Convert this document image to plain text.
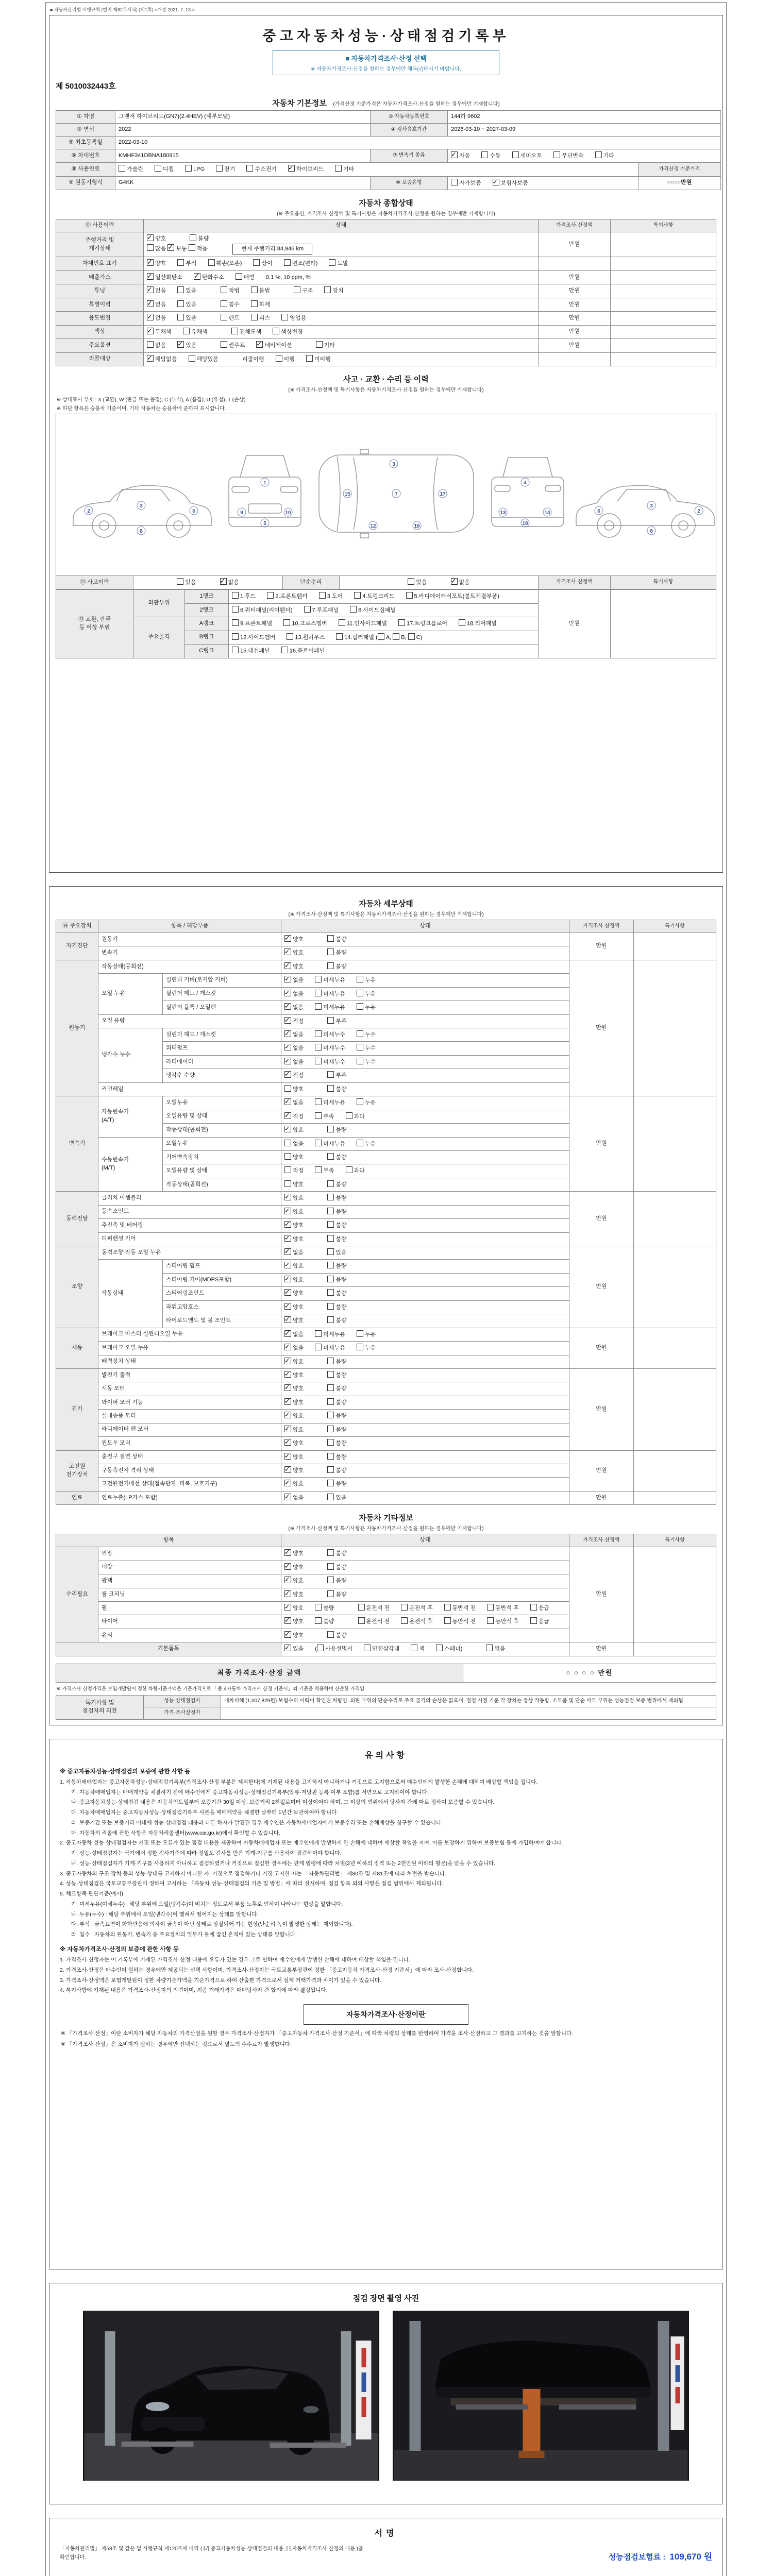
■ 자동차관리법 시행규칙 [별지 제82호서식] (제1쪽) <개정 2021. 7. 13.>
중고자동차성능·상태점검기록부
■ 자동차가격조사·산정 선택
※ 자동차가격조사·산정을 원하는 경우에만 체크(√)하시기 바랍니다.
제 5010032443호
자동차 기본정보 (가격산정 기준가격은 자동차가격조사·산정을 원하는 경우에만 기재합니다)
① 차명	그랜저 하이브리드(GN7)(2.4HEV) (세부모델)	② 자동차등록번호	144하 9602	
③ 연식	2022	④ 검사유효기간	2026-03-10 ~ 2027-03-09	
⑤ 최초등록일	2022-03-10			
⑥ 차대번호	KMHF341DBNA180915	⑦ 변속기 종류	✓자동 수동 세미오토 무단변속 기타
⑧ 사용연료	가솔린 디젤 LPG 전기 수소전기 ✓ 하이브리드 기타			가격산정 기준가격
⑨ 원동기형식	G4KK	⑩ 보증유형	자가보증 ✓ 보험사보증	○○○○만원
자동차 종합상태
(※ 주요옵션, 가격조사·산정액 및 특기사항은 자동차가격조사·산정을 원하는 경우에만 기재합니다)
⑪ 사용이력	상태	가격조사·산정액	특기사항
주행거리 및
계기상태	✓양호 불량
많음 ✓보통 적음 현재 주행거리 84,946 km	만원	
차대번호 표기	✓양호 부식 훼손(오손) 상이 변조(변타) 도말		
배출가스	✓일산화탄소 ✓ 탄화수소 매연 0.1 %, 10 ppm, %	만원	
튜닝	✓없음 있음 적법 불법 구조 장치	만원	
특별이력	✓없음 있음 침수 화재	만원	
용도변경	✓없음 있음 렌트 리스 영업용	만원	
색상	✓무채색 유채색 전체도색 색상변경	만원	
주요옵션	없음 ✓ 있음 썬루프 ✓ 네비게이션 기타	만원	
리콜대상	✓해당없음 해당있음 리콜이행 이행 미이행		
사고 · 교환 · 수리 등 이력
(※ 가격조사·산정액 및 특기사항은 자동차가격조사·산정을 원하는 경우에만 기재합니다)
※ 상태표시 부호 : X (교환), W (판금 또는 용접), C (부식), A (흠집), U (요철), T (손상)
※ 하단 항목은 승용차 기준이며, 기타 자동차는 승용차에 준하여 표시합니다.
2
3
6
8
1
5
9	10
15	7	17
3
12	16
4
18
13	14	6
3
2
8
⑫ 사고이력	있음 ✓	없음	단순수리	있음 ✓	없음	가격조사·산정액	특기사항
⑬ 교환, 판금
등 이상 부위	외판부위	1랭크	1.후드 2.프론트휀더 3.도어 4.트렁크리드 5.라디에이터서포트(볼트체결부품)	만원	
		2랭크	6.쿼터패널(리어휀더) 7.루프패널 8.사이드실패널		
	주요골격	A랭크	9.프론트패널 10.크로스멤버 11.인사이드패널 17.트렁크플로어 18.리어패널		
		B랭크	12.사이드멤버 13.휠하우스 14.필러패널 ( A, B, C)		
		C랭크	15.대쉬패널 16.플로어패널		
자동차 세부상태
(※ 가격조사·산정액 및 특기사항은 자동차가격조사·산정을 원하는 경우에만 기재합니다)
⑭ 주요장치	항목 / 해당부품		상태	가격조사·산정액	특기사항
자기진단	원동기	✓양호 불량	만원	
	변속기	✓양호 불량
원동기	작동상태(공회전)	✓양호 불량	만원	
	오일 누유	실린더 커버(로커암 커버)	✓없음 미세누유 누유
		실린더 헤드 / 개스킷	✓없음 미세누유 누유
		실린더 블록 / 오일팬	✓없음 미세누유 누유
	오일 유량	✓적정 부족
	냉각수 누수	실린더 헤드 / 개스킷	✓없음 미세누수 누수
		워터펌프	✓없음 미세누수 누수
		라디에이터	✓없음 미세누수 누수
		냉각수 수량	✓적정 부족
	커먼레일		양호 불량		
변속기	자동변속기
(A/T)	오일누유	✓없음 미세누유 누유	만원	
		오일유량 및 상태	✓적정 부족 과다
		작동상태(공회전)	✓양호 불량
	수동변속기
(M/T)	오일누유	없음 미세누유 누유		
		기어변속장치	양호 불량		
		오일유량 및 상태	적정 부족 과다		
		작동상태(공회전)	양호 불량		
동력전달	클러치 어셈블리	✓양호 불량	만원	
	등속조인트	✓양호 불량
	추진축 및 베어링	✓양호 불량
	디퍼렌셜 기어	✓양호 불량
조향	동력조향 작동 오일 누유	✓없음 있음	만원	
	작동상태	스티어링 펌프	✓양호 불량
		스티어링 기어(MDPS포함)	✓양호 불량
		스티어링조인트	✓양호 불량
		파워고압호스	✓양호 불량
		타이로드엔드 및 볼 조인트	✓양호 불량
제동	브레이크 마스터 실린더오일 누유	✓없음 미세누유 누유	만원	
	브레이크 오일 누유	✓없음 미세누유 누유
	배력장치 상태	✓양호 불량
전기	발전기 출력	✓양호 불량	만원	
	시동 모터	✓양호 불량
	와이퍼 모터 기능	✓양호 불량
	실내송풍 모터	✓양호 불량
	라디에이터 팬 모터	✓양호 불량
	윈도우 모터	✓양호 불량
고전원
전기장치	충전구 절연 상태	✓양호 불량	만원	
	구동축전지 격리 상태	✓양호 불량
	고전원전기배선 상태(접속단자, 피복, 보호기구)	✓양호 불량
연료	연료누출(LP가스 포함)	✓없음 있음	만원	
자동차 기타정보
(※ 가격조사·산정액 및 특기사항은 자동차가격조사·산정을 원하는 경우에만 기재합니다)
항목		상태	가격조사·산정액	특기사항
수리필요	외장	✓양호 불량	만원	
	내장	✓양호 불량
	광택	✓양호 불량
	룸 크리닝	✓양호 불량
	휠	✓양호 불량 운전석 전 운전석 후 동반석 전 동반석 후 응급
	타이어	✓양호 불량 운전석 전 운전석 후 동반석 전 동반석 후 응급
	유리	✓양호 불량
기본품목	✓있음 ( 사용설명서 안전삼각대 잭 스패너) 없음	만원	
최종 가격조사·산정 금액	○ ○ ○ ○ 만원
※ 가격조사·산정가격은 보험개발원이 정한 차량기준가액을 기준가격으로 「중고자동차 가격조사·산정 기준서」의 기준을 적용하여 산출한 가격임
특기사항 및
점검자의 의견	성능·상태점검자	내차피해 (1,007,829원) 보험수리 이력이 확인된 차량임. 외판 부위의 단순수리로 주요 골격의 손상은 없으며, 점검 시점 기준 각 장치는 정상 작동함. 소모품 및 단순 마모 부위는 성능점검 보증 범위에서 제외됨.
	가격·조사산정자	
유의사항
※ 중고자동차성능·상태점검의 보증에 관한 사항 등
1. 자동차매매업자는 중고자동차성능·상태점검기록부(가격조사·산정 부분은 제외한다)에 기재된 내용을 고지하지 아니하거나 거짓으로 고지함으로써 매수인에게 발생한 손해에 대하여 배상할 책임을 집니다.
가. 자동차매매업자는 매매계약을 체결하기 전에 매수인에게 중고자동차성능·상태점검기록부(압류·저당권 등록 여부 포함)를 서면으로 고지하여야 합니다.
나. 중고자동차성능·상태점검 내용은 자동차인도일부터 보증기간 30일 이상, 보증거리 2천킬로미터 이상이어야 하며, 그 이상의 범위에서 당사자 간에 따로 정하여 보증할 수 있습니다.
다. 자동차매매업자는 중고자동차성능·상태점검기록부 사본을 매매계약을 체결한 날부터 1년간 보관하여야 합니다.
라. 보증기간 또는 보증거리 이내에 성능·상태점검 내용과 다른 하자가 발견된 경우 매수인은 자동차매매업자에게 보증수리 또는 손해배상을 청구할 수 있습니다.
마. 자동차의 리콜에 관한 사항은 자동차리콜센터(www.car.go.kr)에서 확인할 수 있습니다.
2. 중고자동차 성능·상태점검자는 거짓 또는 오류가 있는 점검 내용을 제공하여 자동차매매업자 또는 매수인에게 발생하게 한 손해에 대하여 배상할 책임을 지며, 이를 보장하기 위하여 보증보험 등에 가입하여야 합니다.
가. 성능·상태점검자는 국가에서 정한 검사기준에 따라 정밀도 검사를 받은 기계·기구를 사용하여 점검하여야 합니다.
나. 성능·상태점검자가 기계·기구를 사용하지 아니하고 점검하였거나 거짓으로 점검한 경우에는 관계 법령에 따라 처벌(2년 이하의 징역 또는 2천만원 이하의 벌금)을 받을 수 있습니다.
3. 중고자동차의 구조·장치 등의 성능·상태를 고지하지 아니한 자, 거짓으로 점검하거나 거짓 고지한 자는 「자동차관리법」 제80조 및 제81조에 따라 처벌을 받습니다.
4. 성능·상태점검은 국토교통부장관이 정하여 고시하는 「자동차 성능·상태점검의 기준 및 방법」에 따라 실시하며, 점검 항목 외의 사항은 점검 범위에서 제외됩니다.
5. 체크항목 판단기준(예시)
가. 미세누유(미세누수) : 해당 부위에 오일(냉각수)이 비치는 정도로서 부품 노후로 인하여 나타나는 현상을 말합니다.
나. 누유(누수) : 해당 부위에서 오일(냉각수)이 맺혀서 떨어지는 상태를 말합니다.
다. 부식 : 금속표면이 화학반응에 의하여 금속이 아닌 상태로 상실되어 가는 현상(단순히 녹이 발생한 상태는 제외합니다).
라. 침수 : 자동차의 원동기, 변속기 등 주요장치의 일부가 물에 잠긴 흔적이 있는 상태를 말합니다.
※ 자동차가격조사·산정의 보증에 관한 사항 등
1. 가격조사·산정자는 이 기록부에 기재된 가격조사·산정 내용에 오류가 있는 경우 그로 인하여 매수인에게 발생한 손해에 대하여 배상할 책임을 집니다.
2. 가격조사·산정은 매수인이 원하는 경우에만 제공되는 선택 사항이며, 가격조사·산정자는 국토교통부장관이 정한 「중고자동차 가격조사·산정 기준서」에 따라 조사·산정합니다.
3. 가격조사·산정액은 보험개발원이 정한 차량기준가액을 기준가격으로 하여 산출한 가격으로서 실제 거래가격과 차이가 있을 수 있습니다.
4. 특기사항에 기재된 내용은 가격조사·산정자의 의견이며, 최종 거래가격은 매매당사자 간 합의에 따라 결정됩니다.
자동차가격조사·산정이란
※ 「가격조사·산정」이란 소비자가 해당 자동차의 가격산정을 원할 경우 가격조사·산정자가 「중고자동차 가격조사·산정 기준서」에 따라 차량의 상태를 반영하여 가격을 조사·산정하고 그 결과를 고지하는 것을 말합니다.
※ 「가격조사·산정」은 소비자가 원하는 경우에만 선택하는 것으로서 별도의 수수료가 발생합니다.
점검 장면 촬영 사진
서명
「자동차관리법」 제58조 및 같은 법 시행규칙 제120조에 따라 ( [√] 중고자동차성능·상태점검의 내용, [ ] 자동차가격조사·산정의 내용 )을
확인합니다.	성능점검보험료 : 109,670 원
